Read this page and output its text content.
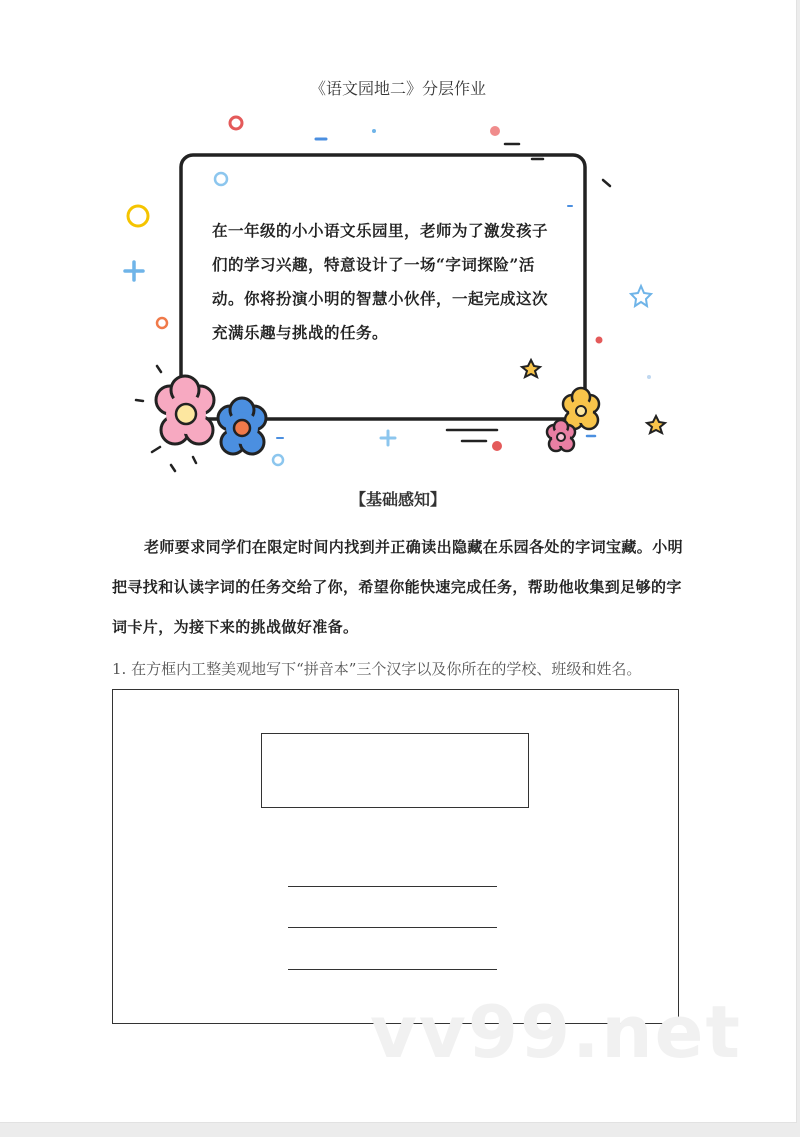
《语文园地二》分层作业
在一年级的小小语文乐园里，老师为了激发孩子们的学习兴趣，特意设计了一场“字词探险”活动。你将扮演小明的智慧小伙伴，一起完成这次充满乐趣与挑战的任务。
【基础感知】
老师要求同学们在限定时间内找到并正确读出隐藏在乐园各处的字词宝藏。小明把寻找和认读字词的任务交给了你，希望你能快速完成任务，帮助他收集到足够的字词卡片，为接下来的挑战做好准备。
1. 在方框内工整美观地写下“拼音本”三个汉字以及你所在的学校、班级和姓名。
vv99.net
